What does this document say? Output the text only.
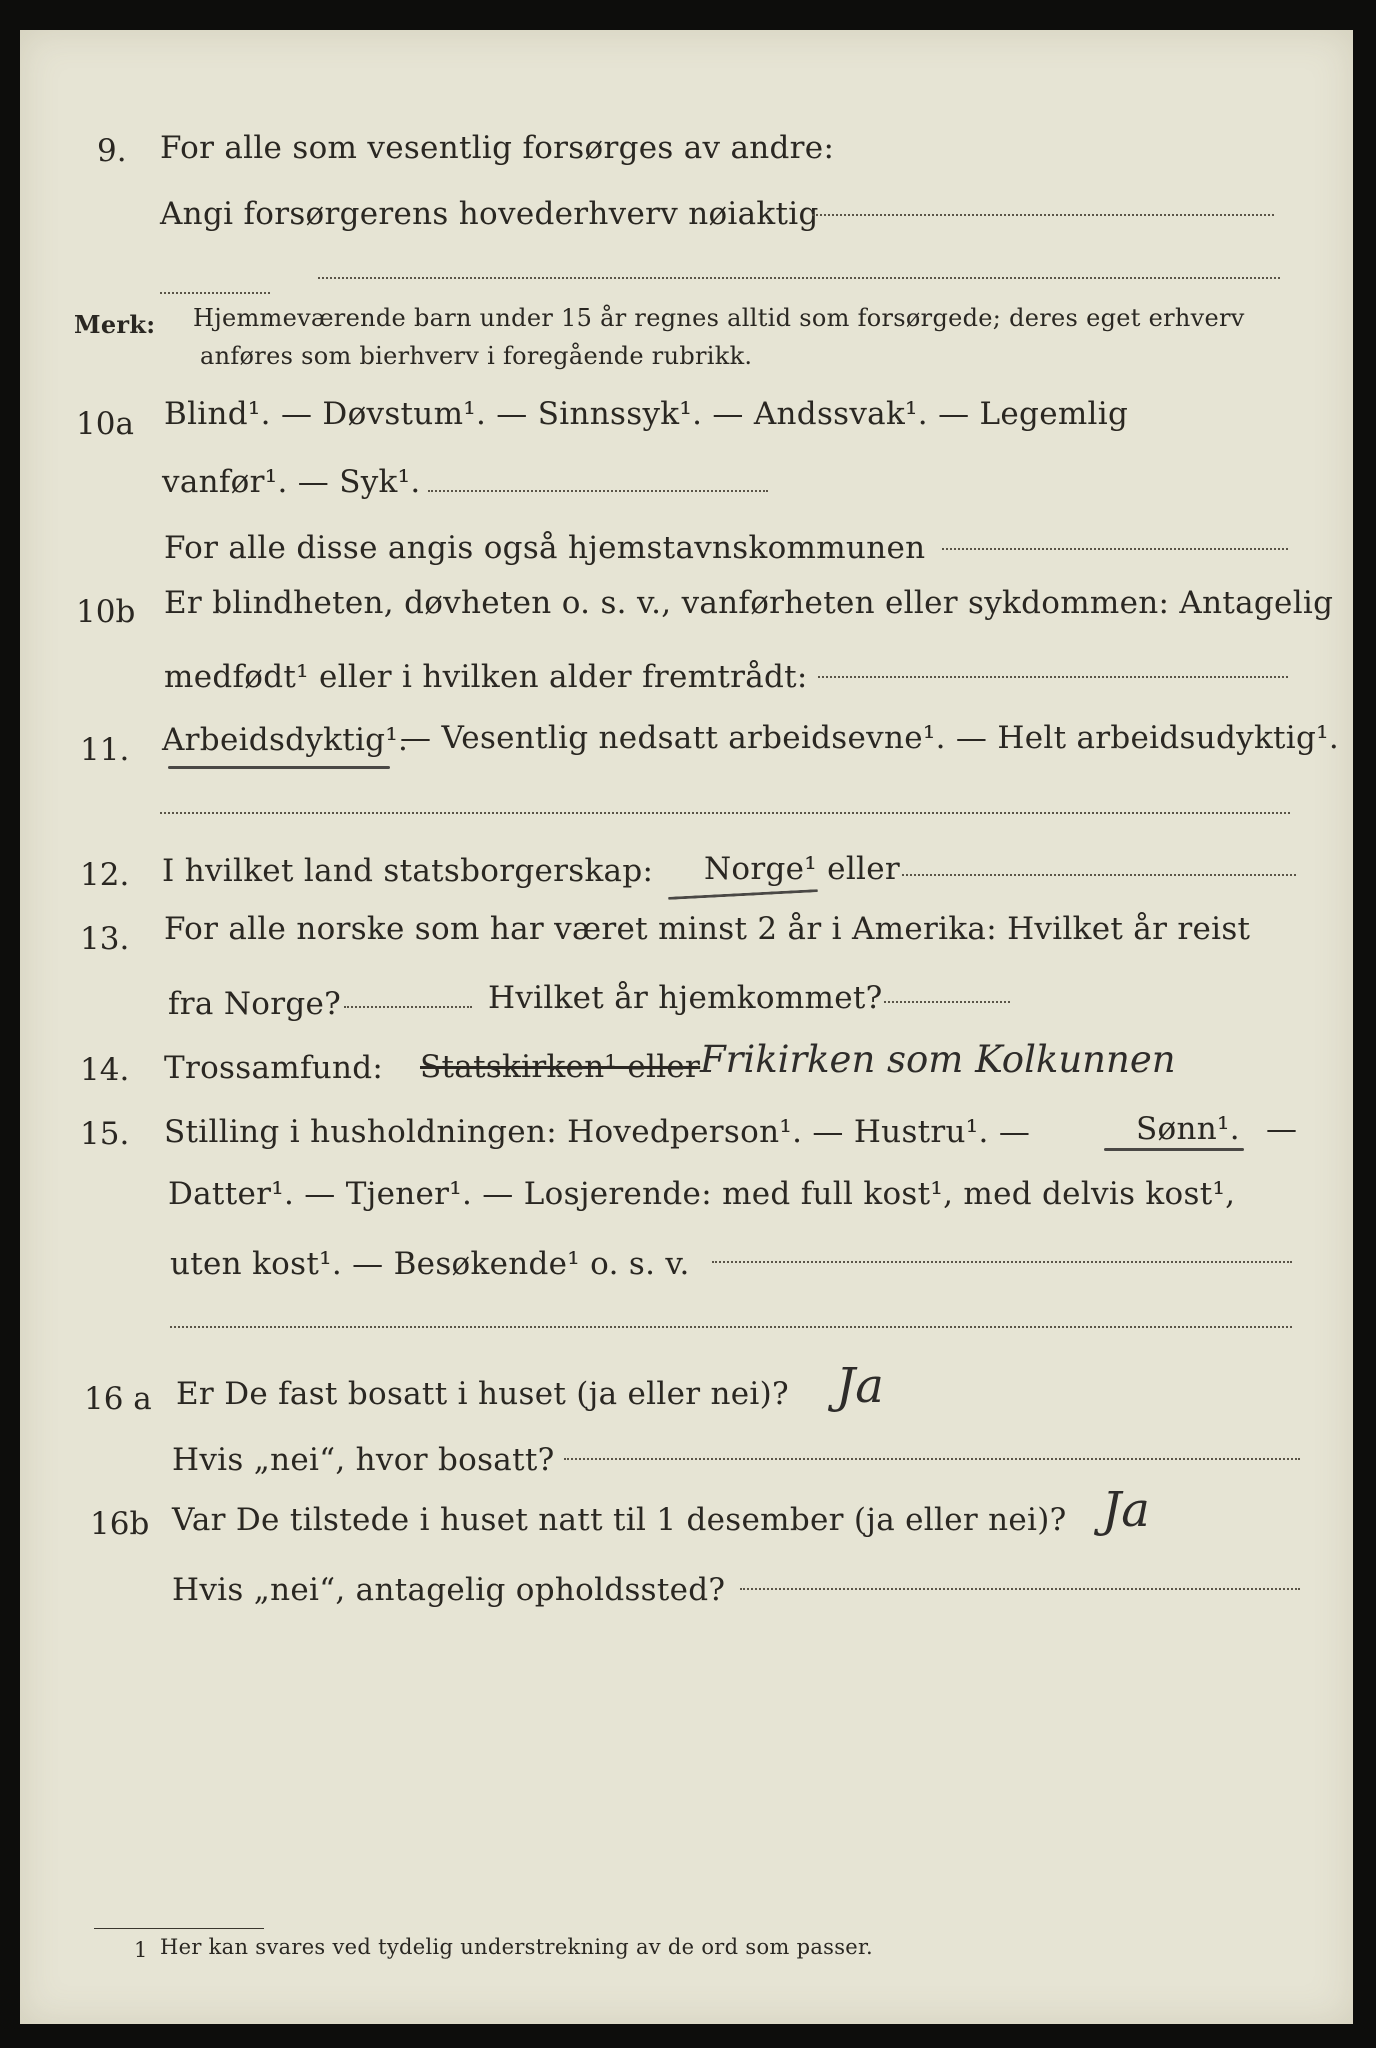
9. For alle som vesentlig forsørges av andre:
Angi forsørgerens hovederhverv nøiaktig
Merk: Hjemmeværende barn under 15 år regnes alltid som forsørgede; deres eget erhverv
anføres som bierhverv i foregående rubrikk.
10a Blind¹. — Døvstum¹. — Sinnssyk¹. — Andssvak¹. — Legemlig
vanfør¹. — Syk¹.
For alle disse angis også hjemstavnskommunen
10b Er blindheten, døvheten o. s. v., vanførheten eller sykdommen: Antagelig
medfødt¹ eller i hvilken alder fremtrådt:
11. Arbeidsdyktig¹.
— Vesentlig nedsatt arbeidsevne¹. — Helt arbeidsudyktig¹.
12. I hvilket land statsborgerskap: Norge¹ eller
13. For alle norske som har været minst 2 år i Amerika: Hvilket år reist
fra Norge?	Hvilket år hjemkommet?
14. Trossamfund: Statskirken¹ eller Frikirken som Kolkunnen
15. Stilling i husholdningen: Hovedperson¹. — Hustru¹. —	Sønn¹. —
Datter¹. — Tjener¹. — Losjerende: med full kost¹, med delvis kost¹,
uten kost¹. — Besøkende¹ o. s. v.
16 a Er De fast bosatt i huset (ja eller nei)? Ja
Hvis „nei“, hvor bosatt?
16b Var De tilstede i huset natt til 1 desember (ja eller nei)? Ja
Hvis „nei“, antagelig opholdssted?
1 Her kan svares ved tydelig understrekning av de ord som passer.
